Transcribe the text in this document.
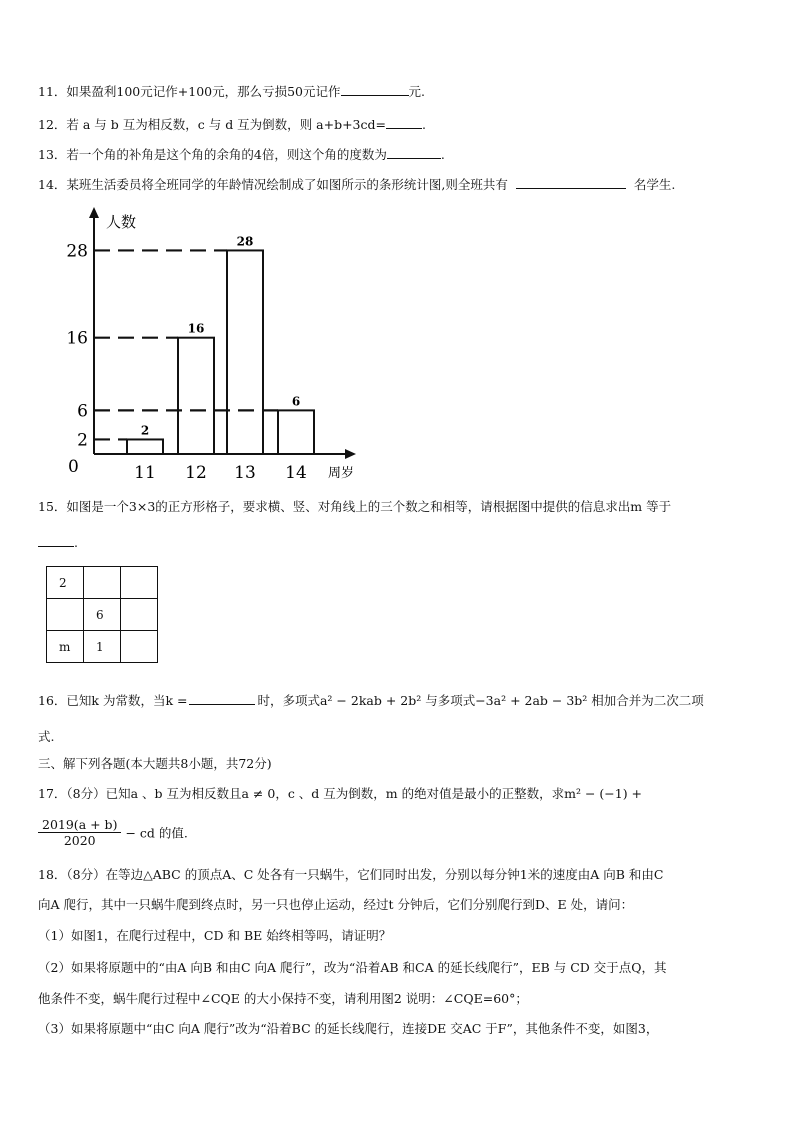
11．如果盈利100元记作+100元，那么亏损50元记作	元.
12．若 a 与 b 互为相反数，c 与 d 互为倒数，则 a+b+3cd=	.
13．若一个角的补角是这个角的余角的4倍，则这个角的度数为	.
14．某班生活委员将全班同学的年龄情况绘制成了如图所示的条形统计图,则全班共有	名学生.
人数
周岁
0
2	2
11
16	16
12
28	28
13
6	6
14
15．如图是一个3×3的正方形格子，要求横、竖、对角线上的三个数之和相等，请根据图中提供的信息求出m 等于
.
2		
	6	
m	1	
16．已知k 为常数，当k =	时，多项式a² − 2kab + 2b² 与多项式−3a² + 2ab − 3b² 相加合并为二次二项
式.
三、解下列各题(本大题共8小题，共72分)
17．（8分）已知a 、b 互为相反数且a ≠ 0，c 、d 互为倒数，m 的绝对值是最小的正整数，求m² − (−1) +
$\frac{2019(a + b)}{2020}$ − cd 的值.
18．（8分）在等边△ABC 的顶点A、C 处各有一只蜗牛，它们同时出发，分别以每分钟1米的速度由A 向B 和由C
向A 爬行，其中一只蜗牛爬到终点时，另一只也停止运动，经过t 分钟后，它们分别爬行到D、E 处，请问：
（1）如图1，在爬行过程中，CD 和 BE 始终相等吗，请证明？
（2）如果将原题中的“由A 向B 和由C 向A 爬行”，改为“沿着AB 和CA 的延长线爬行”，EB 与 CD 交于点Q，其
他条件不变，蜗牛爬行过程中∠CQE 的大小保持不变，请利用图2 说明：∠CQE=60°；
（3）如果将原题中“由C 向A 爬行”改为“沿着BC 的延长线爬行，连接DE 交AC 于F”，其他条件不变，如图3，
